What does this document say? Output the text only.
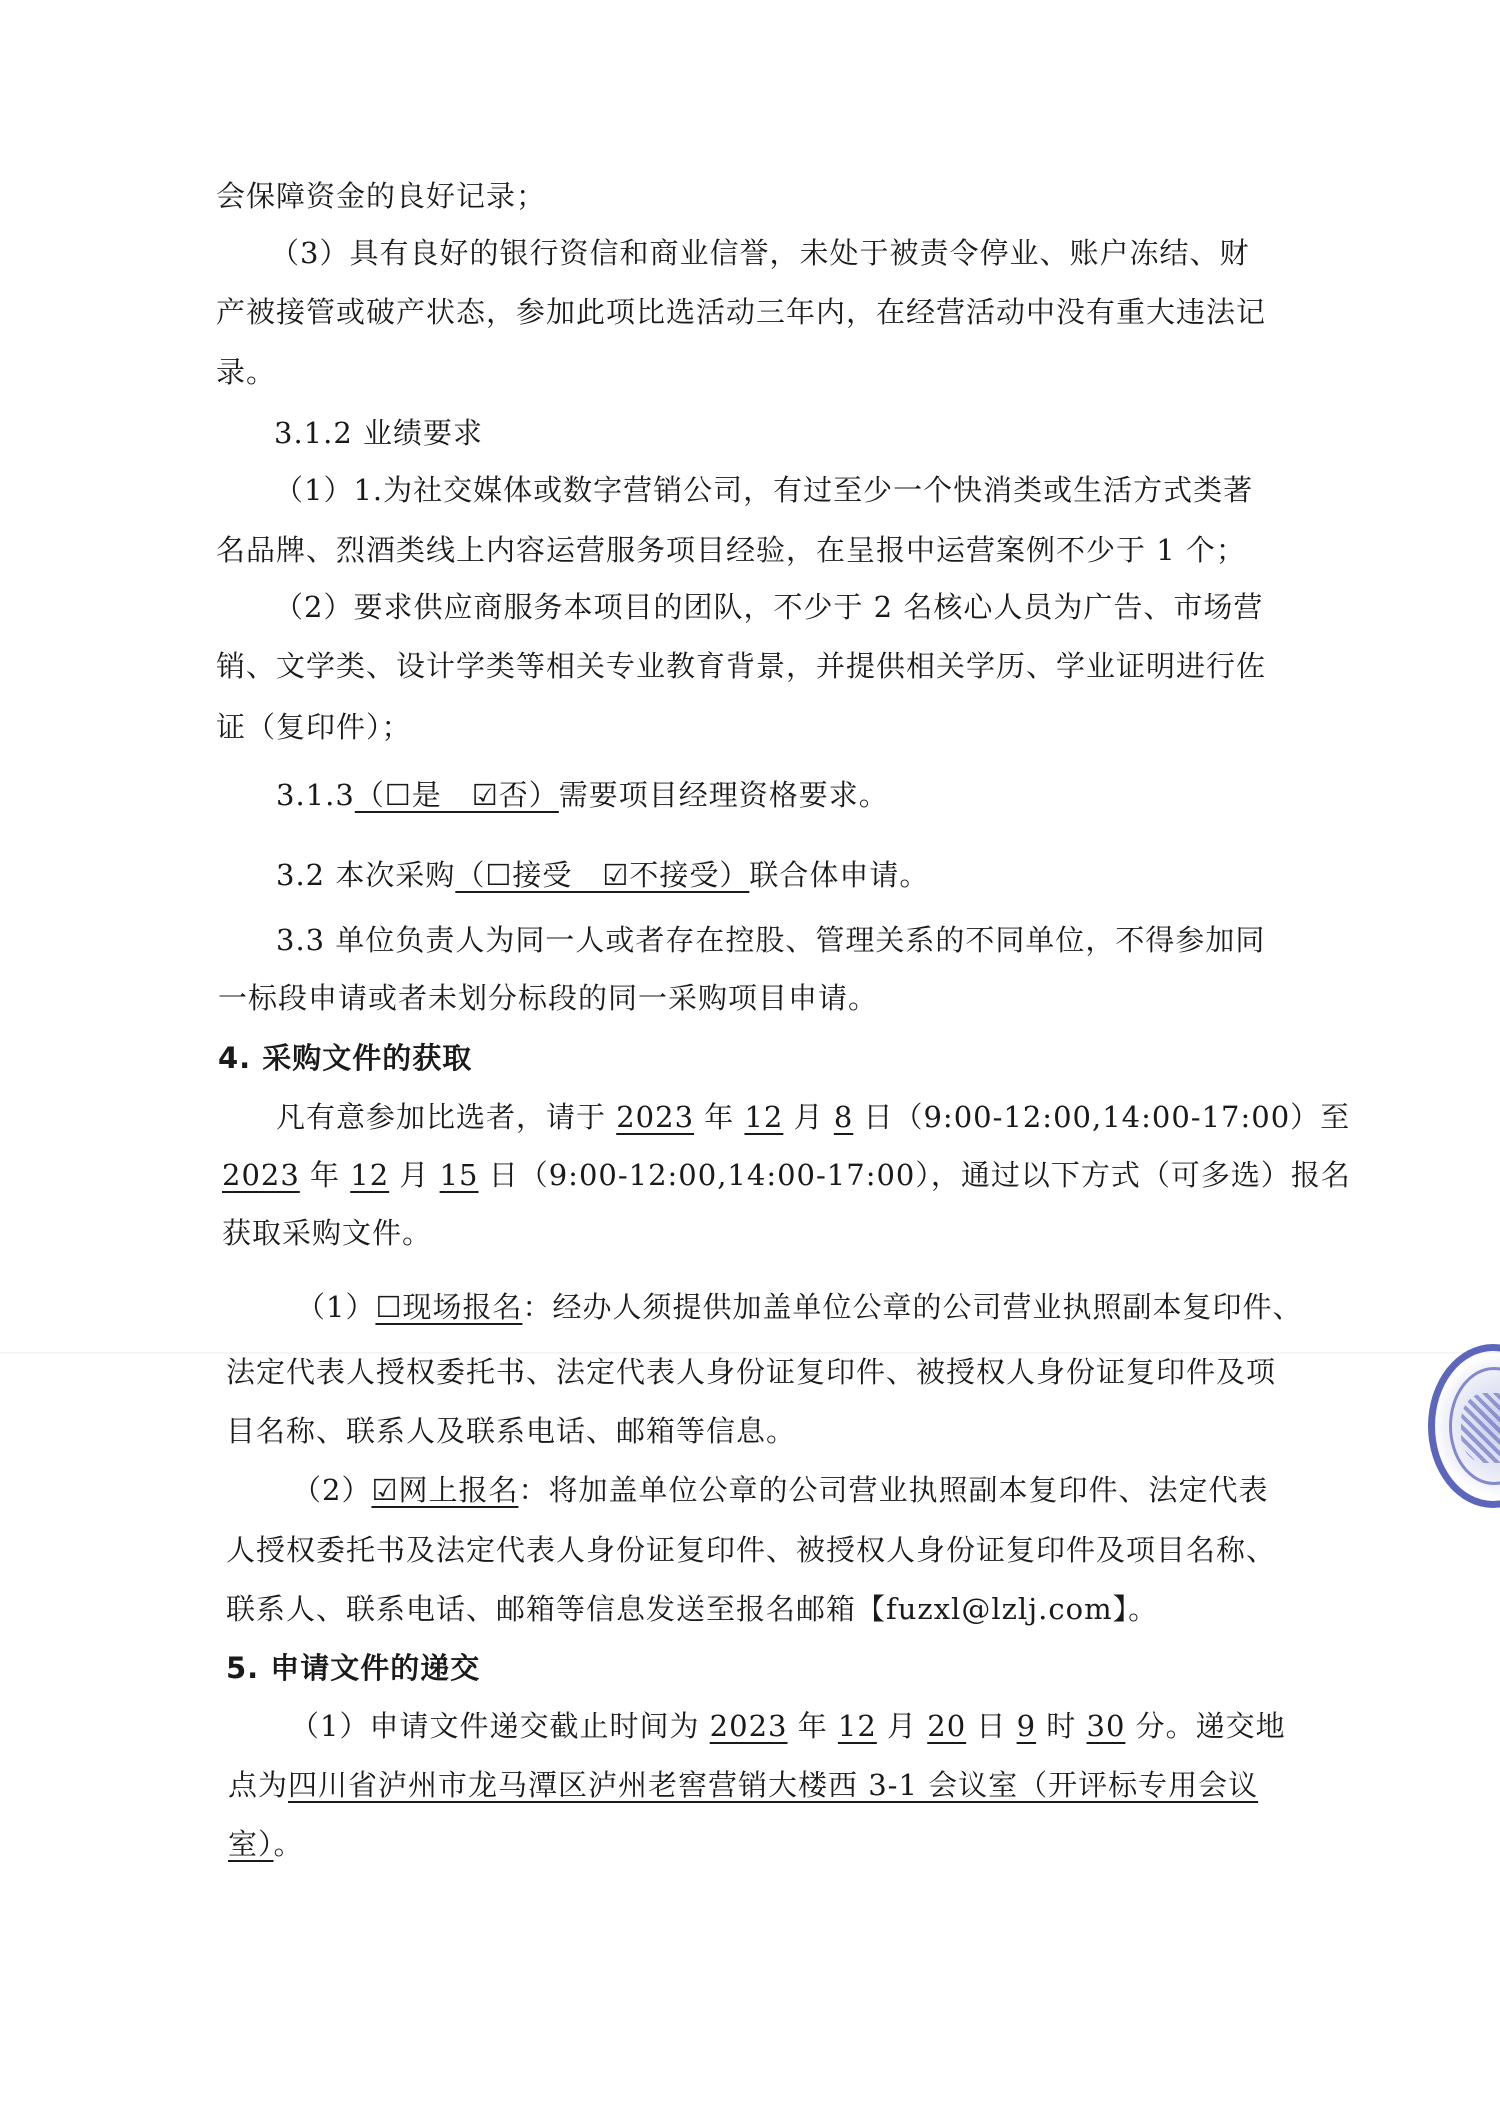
会保障资金的良好记录；
（3）具有良好的银行资信和商业信誉，未处于被责令停业、账户冻结、财
产被接管或破产状态，参加此项比选活动三年内，在经营活动中没有重大违法记
录。
3.1.2 业绩要求
（1）1.为社交媒体或数字营销公司，有过至少一个快消类或生活方式类著
名品牌、烈酒类线上内容运营服务项目经验，在呈报中运营案例不少于 1 个；
（2）要求供应商服务本项目的团队，不少于 2 名核心人员为广告、市场营
销、文学类、设计学类等相关专业教育背景，并提供相关学历、学业证明进行佐
证（复印件）；
3.1.3（☐是　☑否）需要项目经理资格要求。
3.2 本次采购（☐接受　☑不接受）联合体申请。
3.3 单位负责人为同一人或者存在控股、管理关系的不同单位，不得参加同
一标段申请或者未划分标段的同一采购项目申请。
4. 采购文件的获取
凡有意参加比选者，请于 2023 年 12 月 8 日（9:00-12:00,14:00-17:00）至
2023 年 12 月 15 日（9:00-12:00,14:00-17:00），通过以下方式（可多选）报名
获取采购文件。
（1）☐现场报名：经办人须提供加盖单位公章的公司营业执照副本复印件、
法定代表人授权委托书、法定代表人身份证复印件、被授权人身份证复印件及项
目名称、联系人及联系电话、邮箱等信息。
（2）☑网上报名：将加盖单位公章的公司营业执照副本复印件、法定代表
人授权委托书及法定代表人身份证复印件、被授权人身份证复印件及项目名称、
联系人、联系电话、邮箱等信息发送至报名邮箱【fuzxl@lzlj.com】。
5. 申请文件的递交
（1）申请文件递交截止时间为 2023 年 12 月 20 日 9 时 30 分。递交地
点为四川省泸州市龙马潭区泸州老窖营销大楼西 3-1 会议室（开评标专用会议
室）。
